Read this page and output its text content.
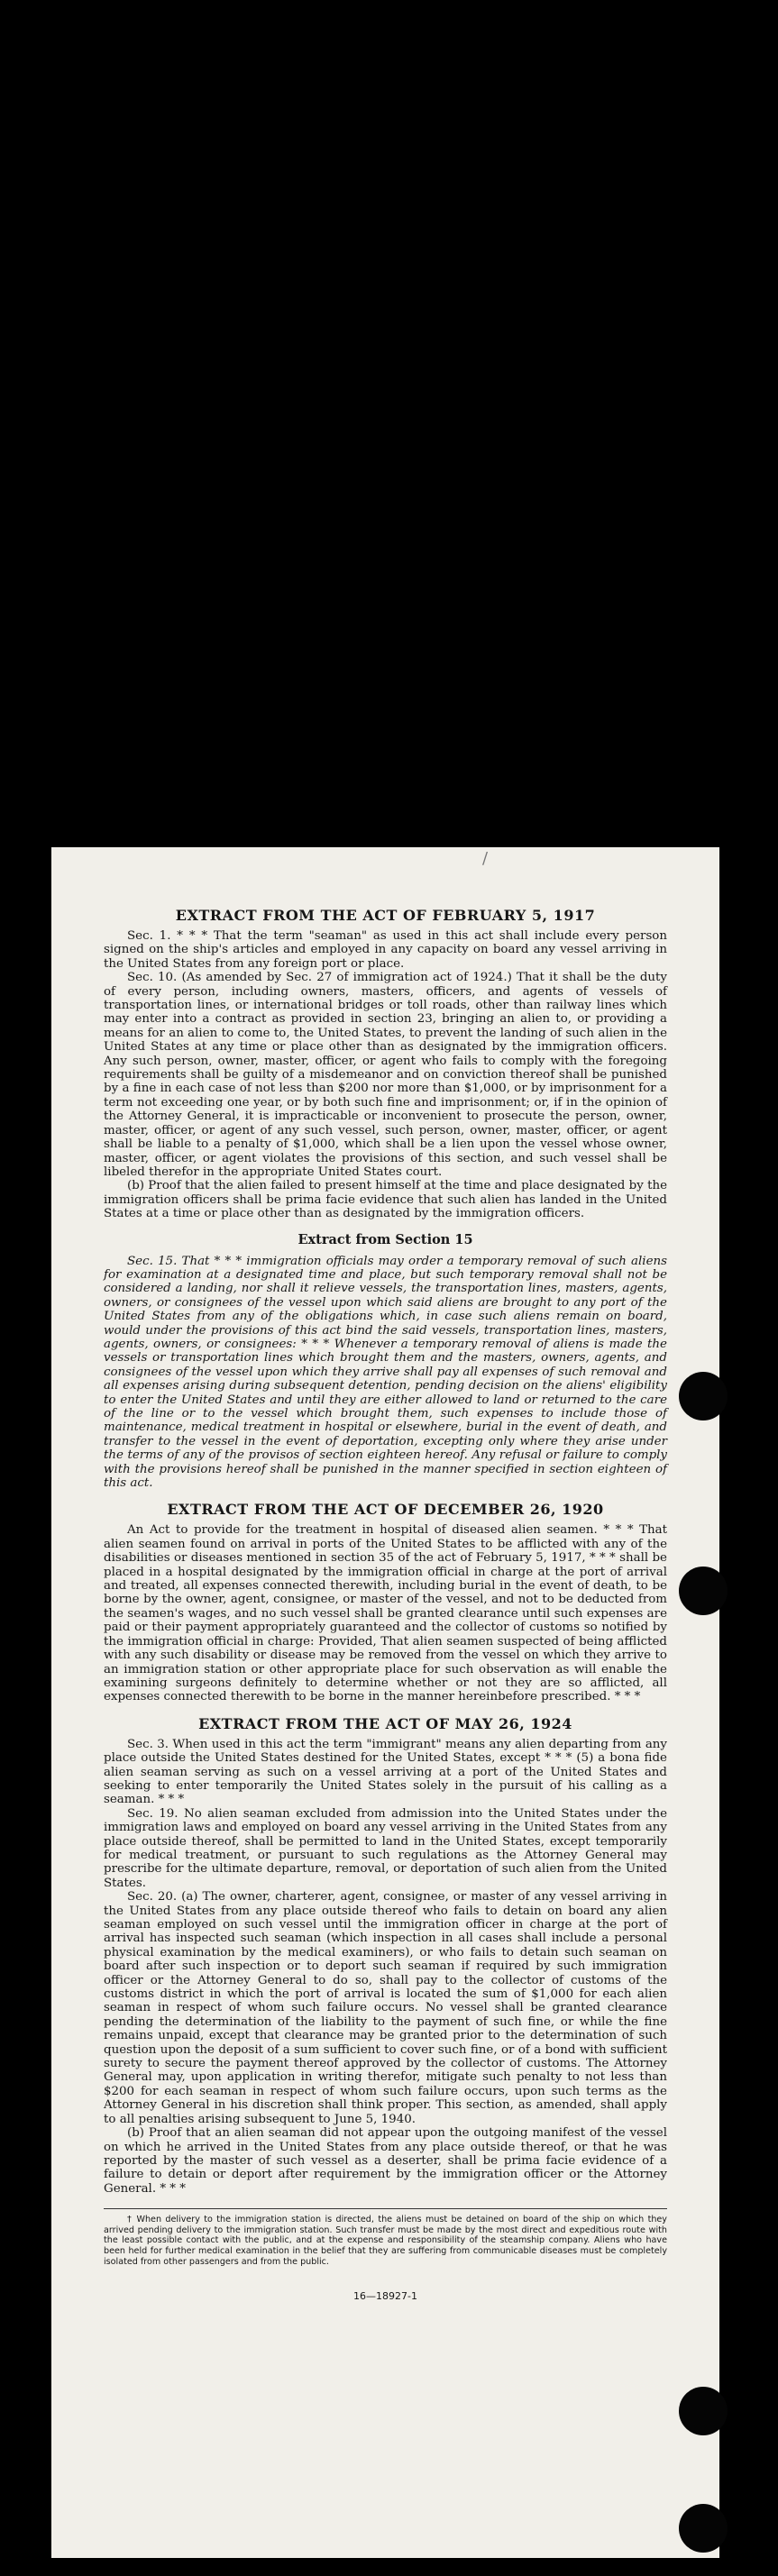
/
EXTRACT FROM THE ACT OF FEBRUARY 5, 1917

Sec. 1. * * * That the term "seaman" as used in this act shall include every person signed on the ship's articles and employed in any capacity on board any vessel arriving in the United States from any foreign port or place.

Sec. 10. (As amended by Sec. 27 of immigration act of 1924.) That it shall be the duty of every person, including owners, masters, officers, and agents of vessels of transportation lines, or international bridges or toll roads, other than railway lines which may enter into a contract as provided in section 23, bringing an alien to, or providing a means for an alien to come to, the United States, to prevent the landing of such alien in the United States at any time or place other than as designated by the immigration officers. Any such person, owner, master, officer, or agent who fails to comply with the foregoing requirements shall be guilty of a misdemeanor and on conviction thereof shall be punished by a fine in each case of not less than $200 nor more than $1,000, or by imprisonment for a term not exceeding one year, or by both such fine and imprisonment; or, if in the opinion of the Attorney General, it is impracticable or inconvenient to prosecute the person, owner, master, officer, or agent of any such vessel, such person, owner, master, officer, or agent shall be liable to a penalty of $1,000, which shall be a lien upon the vessel whose owner, master, officer, or agent violates the provisions of this section, and such vessel shall be libeled therefor in the appropriate United States court.

(b) Proof that the alien failed to present himself at the time and place designated by the immigration officers shall be prima facie evidence that such alien has landed in the United States at a time or place other than as designated by the immigration officers.

Extract from Section 15

Sec. 15. That * * * immigration officials may order a temporary removal of such aliens for examination at a designated time and place, but such temporary removal shall not be considered a landing, nor shall it relieve vessels, the transportation lines, masters, agents, owners, or consignees of the vessel upon which said aliens are brought to any port of the United States from any of the obligations which, in case such aliens remain on board, would under the provisions of this act bind the said vessels, transportation lines, masters, agents, owners, or consignees: * * * Whenever a temporary removal of aliens is made the vessels or transportation lines which brought them and the masters, owners, agents, and consignees of the vessel upon which they arrive shall pay all expenses of such removal and all expenses arising during subsequent detention, pending decision on the aliens' eligibility to enter the United States and until they are either allowed to land or returned to the care of the line or to the vessel which brought them, such expenses to include those of maintenance, medical treatment in hospital or elsewhere, burial in the event of death, and transfer to the vessel in the event of deportation, excepting only where they arise under the terms of any of the provisos of section eighteen hereof. Any refusal or failure to comply with the provisions hereof shall be punished in the manner specified in section eighteen of this act.

EXTRACT FROM THE ACT OF DECEMBER 26, 1920

An Act to provide for the treatment in hospital of diseased alien seamen. * * * That alien seamen found on arrival in ports of the United States to be afflicted with any of the disabilities or diseases mentioned in section 35 of the act of February 5, 1917, * * * shall be placed in a hospital designated by the immigration official in charge at the port of arrival and treated, all expenses connected therewith, including burial in the event of death, to be borne by the owner, agent, consignee, or master of the vessel, and not to be deducted from the seamen's wages, and no such vessel shall be granted clearance until such expenses are paid or their payment appropriately guaranteed and the collector of customs so notified by the immigration official in charge: Provided, That alien seamen suspected of being afflicted with any such disability or disease may be removed from the vessel on which they arrive to an immigration station or other appropriate place for such observation as will enable the examining surgeons definitely to determine whether or not they are so afflicted, all expenses connected therewith to be borne in the manner hereinbefore prescribed. * * *

EXTRACT FROM THE ACT OF MAY 26, 1924

Sec. 3. When used in this act the term "immigrant" means any alien departing from any place outside the United States destined for the United States, except * * * (5) a bona fide alien seaman serving as such on a vessel arriving at a port of the United States and seeking to enter temporarily the United States solely in the pursuit of his calling as a seaman. * * *

Sec. 19. No alien seaman excluded from admission into the United States under the immigration laws and employed on board any vessel arriving in the United States from any place outside thereof, shall be permitted to land in the United States, except temporarily for medical treatment, or pursuant to such regulations as the Attorney General may prescribe for the ultimate departure, removal, or deportation of such alien from the United States.

Sec. 20. (a) The owner, charterer, agent, consignee, or master of any vessel arriving in the United States from any place outside thereof who fails to detain on board any alien seaman employed on such vessel until the immigration officer in charge at the port of arrival has inspected such seaman (which inspection in all cases shall include a personal physical examination by the medical examiners), or who fails to detain such seaman on board after such inspection or to deport such seaman if required by such immigration officer or the Attorney General to do so, shall pay to the collector of customs of the customs district in which the port of arrival is located the sum of $1,000 for each alien seaman in respect of whom such failure occurs. No vessel shall be granted clearance pending the determination of the liability to the payment of such fine, or while the fine remains unpaid, except that clearance may be granted prior to the determination of such question upon the deposit of a sum sufficient to cover such fine, or of a bond with sufficient surety to secure the payment thereof approved by the collector of customs. The Attorney General may, upon application in writing therefor, mitigate such penalty to not less than $200 for each seaman in respect of whom such failure occurs, upon such terms as the Attorney General in his discretion shall think proper. This section, as amended, shall apply to all penalties arising subsequent to June 5, 1940.

(b) Proof that an alien seaman did not appear upon the outgoing manifest of the vessel on which he arrived in the United States from any place outside thereof, or that he was reported by the master of such vessel as a deserter, shall be prima facie evidence of a failure to detain or deport after requirement by the immigration officer or the Attorney General. * * *

† When delivery to the immigration station is directed, the aliens must be detained on board of the ship on which they arrived pending delivery to the immigration station. Such transfer must be made by the most direct and expeditious route with the least possible contact with the public, and at the expense and responsibility of the steamship company. Aliens who have been held for further medical examination in the belief that they are suffering from communicable diseases must be completely isolated from other passengers and from the public.

16—18927-1
